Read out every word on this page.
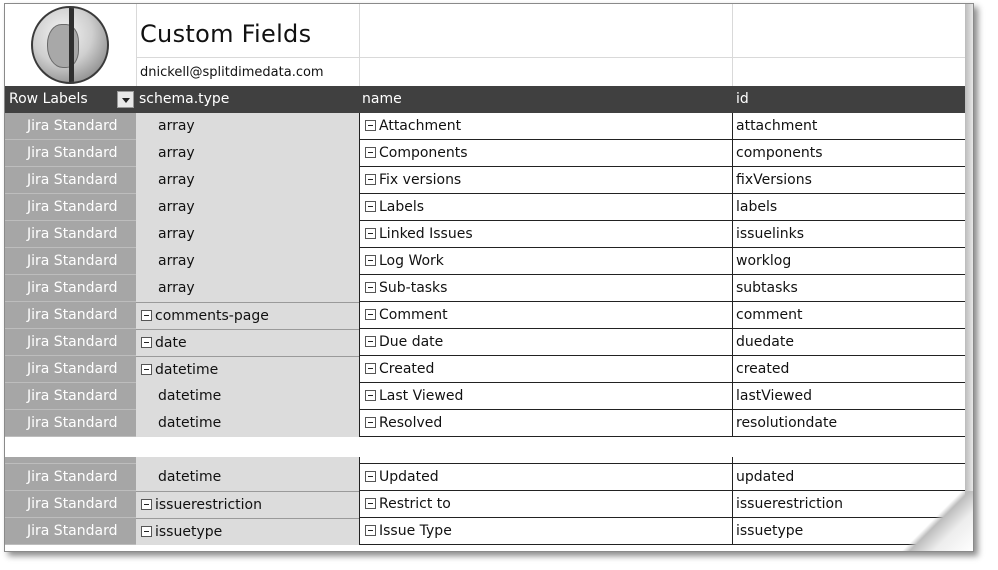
Custom Fields
dnickell@splitdimedata.com
Row Labels	schema.type	name	id
Jira Standard	array	Attachment	attachment
Jira Standard	array	Components	components
Jira Standard	array	Fix versions	fixVersions
Jira Standard	array	Labels	labels
Jira Standard	array	Linked Issues	issuelinks
Jira Standard	array	Log Work	worklog
Jira Standard	array	Sub-tasks	subtasks
Jira Standard	comments-page	Comment	comment
Jira Standard	date	Due date	duedate
Jira Standard	datetime	Created	created
Jira Standard	datetime	Last Viewed	lastViewed
Jira Standard	datetime	Resolved	resolutiondate
Jira Standard	datetime	Updated	updated
Jira Standard	issuerestriction	Restrict to	issuerestriction
Jira Standard	issuetype	Issue Type	issuetype
